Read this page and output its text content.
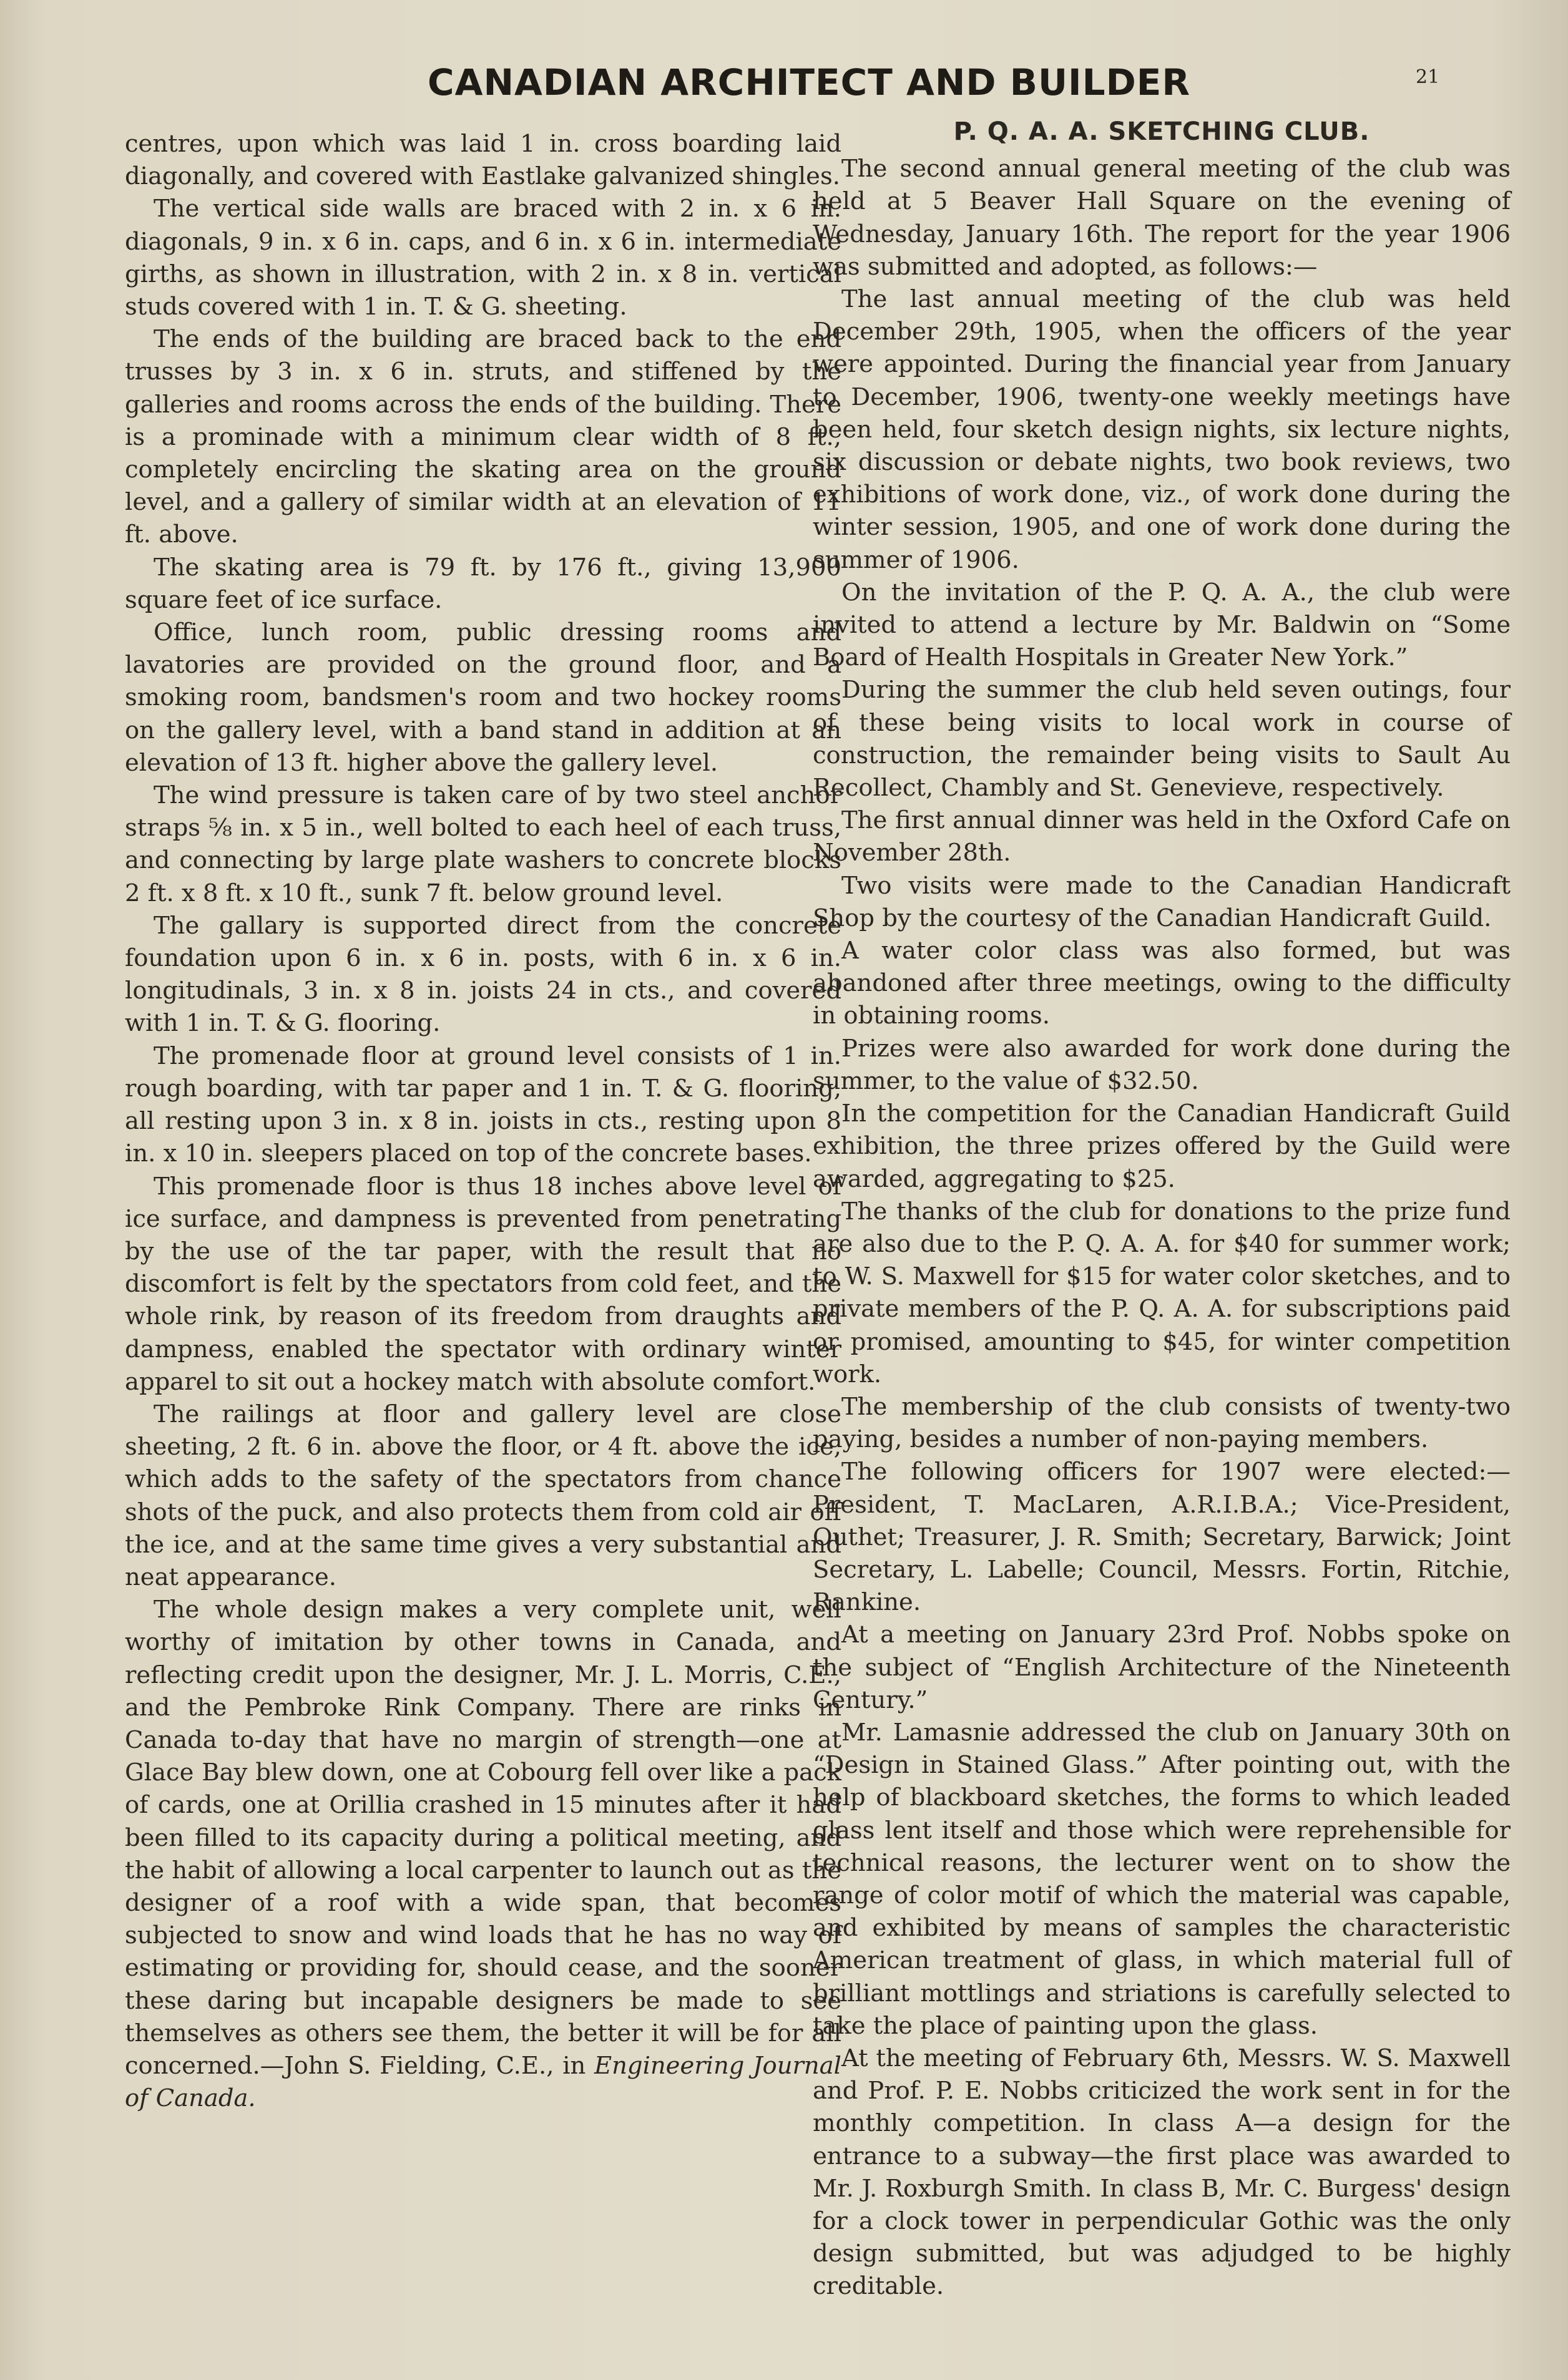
CANADIAN ARCHITECT AND BUILDER	21

centres, upon which was laid 1 in. cross boarding laid diagonally, and covered with Eastlake galvanized shingles.

The vertical side walls are braced with 2 in. x 6 in. diagonals, 9 in. x 6 in. caps, and 6 in. x 6 in. intermediate girths, as shown in illustration, with 2 in. x 8 in. vertical studs covered with 1 in. T. & G. sheeting.

The ends of the building are braced back to the end trusses by 3 in. x 6 in. struts, and stiffened by the galleries and rooms across the ends of the building. There is a prominade with a minimum clear width of 8 ft., completely encircling the skating area on the ground level, and a gallery of similar width at an elevation of 11 ft. above.

The skating area is 79 ft. by 176 ft., giving 13,900 square feet of ice surface.

Office, lunch room, public dressing rooms and lavatories are provided on the ground floor, and a smoking room, bandsmen's room and two hockey rooms on the gallery level, with a band stand in addition at an elevation of 13 ft. higher above the gallery level.

The wind pressure is taken care of by two steel anchor straps ⅝ in. x 5 in., well bolted to each heel of each truss, and connecting by large plate washers to concrete blocks 2 ft. x 8 ft. x 10 ft., sunk 7 ft. below ground level.

The gallary is supported direct from the concrete foundation upon 6 in. x 6 in. posts, with 6 in. x 6 in. longitudinals, 3 in. x 8 in. joists 24 in cts., and covered with 1 in. T. & G. flooring.

The promenade floor at ground level consists of 1 in. rough boarding, with tar paper and 1 in. T. & G. flooring, all resting upon 3 in. x 8 in. joists in cts., resting upon 8 in. x 10 in. sleepers placed on top of the concrete bases.

This promenade floor is thus 18 inches above level of ice surface, and dampness is prevented from penetrating by the use of the tar paper, with the result that no discomfort is felt by the spectators from cold feet, and the whole rink, by reason of its freedom from draughts and dampness, enabled the spectator with ordinary winter apparel to sit out a hockey match with absolute comfort.

The railings at floor and gallery level are close sheeting, 2 ft. 6 in. above the floor, or 4 ft. above the ice, which adds to the safety of the spectators from chance shots of the puck, and also protects them from cold air off the ice, and at the same time gives a very substantial and neat appearance.

The whole design makes a very complete unit, well worthy of imitation by other towns in Canada, and reflecting credit upon the designer, Mr. J. L. Morris, C.E., and the Pembroke Rink Company. There are rinks in Canada to-day that have no margin of strength—one at Glace Bay blew down, one at Cobourg fell over like a pack of cards, one at Orillia crashed in 15 minutes after it had been filled to its capacity during a political meeting, and the habit of allowing a local carpenter to launch out as the designer of a roof with a wide span, that becomes subjected to snow and wind loads that he has no way of estimating or providing for, should cease, and the sooner these daring but incapable designers be made to see themselves as others see them, the better it will be for all concerned.—John S. Fielding, C.E., in Engineering Journal of Canada.

P. Q. A. A. SKETCHING CLUB.

The second annual general meeting of the club was held at 5 Beaver Hall Square on the evening of Wednesday, January 16th. The report for the year 1906 was submitted and adopted, as follows:—

The last annual meeting of the club was held December 29th, 1905, when the officers of the year were appointed. During the financial year from January to December, 1906, twenty-one weekly meetings have been held, four sketch design nights, six lecture nights, six discussion or debate nights, two book reviews, two exhibitions of work done, viz., of work done during the winter session, 1905, and one of work done during the summer of 1906.

On the invitation of the P. Q. A. A., the club were invited to attend a lecture by Mr. Baldwin on “Some Board of Health Hospitals in Greater New York.”

During the summer the club held seven outings, four of these being visits to local work in course of construction, the remainder being visits to Sault Au Recollect, Chambly and St. Genevieve, respectively.

The first annual dinner was held in the Oxford Cafe on November 28th.

Two visits were made to the Canadian Handicraft Shop by the courtesy of the Canadian Handicraft Guild.

A water color class was also formed, but was abandoned after three meetings, owing to the difficulty in obtaining rooms.

Prizes were also awarded for work done during the summer, to the value of $32.50.

In the competition for the Canadian Handicraft Guild exhibition, the three prizes offered by the Guild were awarded, aggregating to $25.

The thanks of the club for donations to the prize fund are also due to the P. Q. A. A. for $40 for summer work; to W. S. Maxwell for $15 for water color sketches, and to private members of the P. Q. A. A. for subscriptions paid or promised, amounting to $45, for winter competition work.

The membership of the club consists of twenty-two paying, besides a number of non-paying members.

The following officers for 1907 were elected:—President, T. MacLaren, A.R.I.B.A.; Vice-President, Outhet; Treasurer, J. R. Smith; Secretary, Barwick; Joint Secretary, L. Labelle; Council, Messrs. Fortin, Ritchie, Rankine.

At a meeting on January 23rd Prof. Nobbs spoke on the subject of “English Architecture of the Nineteenth Century.”

Mr. Lamasnie addressed the club on January 30th on “Design in Stained Glass.” After pointing out, with the help of blackboard sketches, the forms to which leaded glass lent itself and those which were reprehensible for technical reasons, the lecturer went on to show the range of color motif of which the material was capable, and exhibited by means of samples the characteristic American treatment of glass, in which material full of brilliant mottlings and striations is carefully selected to take the place of painting upon the glass.

At the meeting of February 6th, Messrs. W. S. Maxwell and Prof. P. E. Nobbs criticized the work sent in for the monthly competition. In class A—a design for the entrance to a subway—the first place was awarded to Mr. J. Roxburgh Smith. In class B, Mr. C. Burgess' design for a clock tower in perpendicular Gothic was the only design submitted, but was adjudged to be highly creditable.
